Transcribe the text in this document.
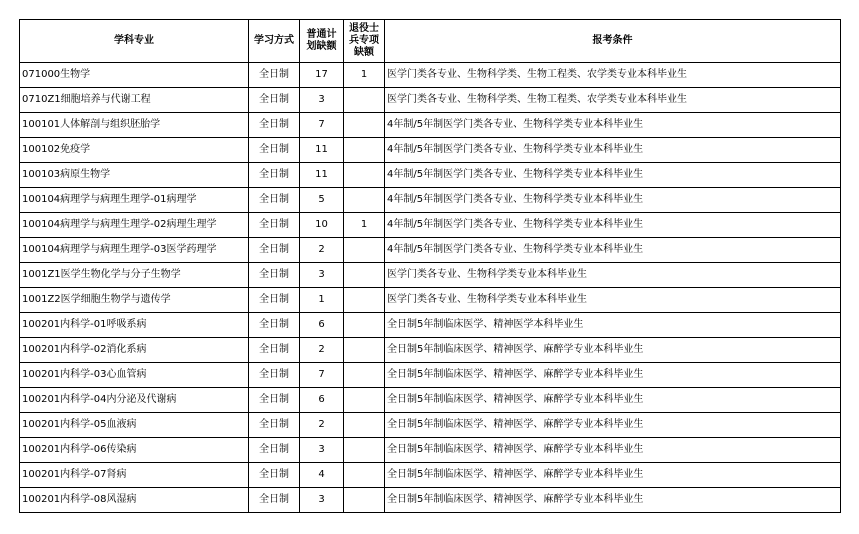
学科专业	学习方式	普通计划缺额	退役士兵专项缺额	报考条件
071000生物学	全日制	17	1	医学门类各专业、生物科学类、生物工程类、农学类专业本科毕业生
0710Z1细胞培养与代谢工程	全日制	3		医学门类各专业、生物科学类、生物工程类、农学类专业本科毕业生
100101人体解剖与组织胚胎学	全日制	7		4年制/5年制医学门类各专业、生物科学类专业本科毕业生
100102免疫学	全日制	11		4年制/5年制医学门类各专业、生物科学类专业本科毕业生
100103病原生物学	全日制	11		4年制/5年制医学门类各专业、生物科学类专业本科毕业生
100104病理学与病理生理学-01病理学	全日制	5		4年制/5年制医学门类各专业、生物科学类专业本科毕业生
100104病理学与病理生理学-02病理生理学	全日制	10	1	4年制/5年制医学门类各专业、生物科学类专业本科毕业生
100104病理学与病理生理学-03医学药理学	全日制	2		4年制/5年制医学门类各专业、生物科学类专业本科毕业生
1001Z1医学生物化学与分子生物学	全日制	3		医学门类各专业、生物科学类专业本科毕业生
1001Z2医学细胞生物学与遗传学	全日制	1		医学门类各专业、生物科学类专业本科毕业生
100201内科学-01呼吸系病	全日制	6		全日制5年制临床医学、精神医学本科毕业生
100201内科学-02消化系病	全日制	2		全日制5年制临床医学、精神医学、麻醉学专业本科毕业生
100201内科学-03心血管病	全日制	7		全日制5年制临床医学、精神医学、麻醉学专业本科毕业生
100201内科学-04内分泌及代谢病	全日制	6		全日制5年制临床医学、精神医学、麻醉学专业本科毕业生
100201内科学-05血液病	全日制	2		全日制5年制临床医学、精神医学、麻醉学专业本科毕业生
100201内科学-06传染病	全日制	3		全日制5年制临床医学、精神医学、麻醉学专业本科毕业生
100201内科学-07肾病	全日制	4		全日制5年制临床医学、精神医学、麻醉学专业本科毕业生
100201内科学-08风湿病	全日制	3		全日制5年制临床医学、精神医学、麻醉学专业本科毕业生
